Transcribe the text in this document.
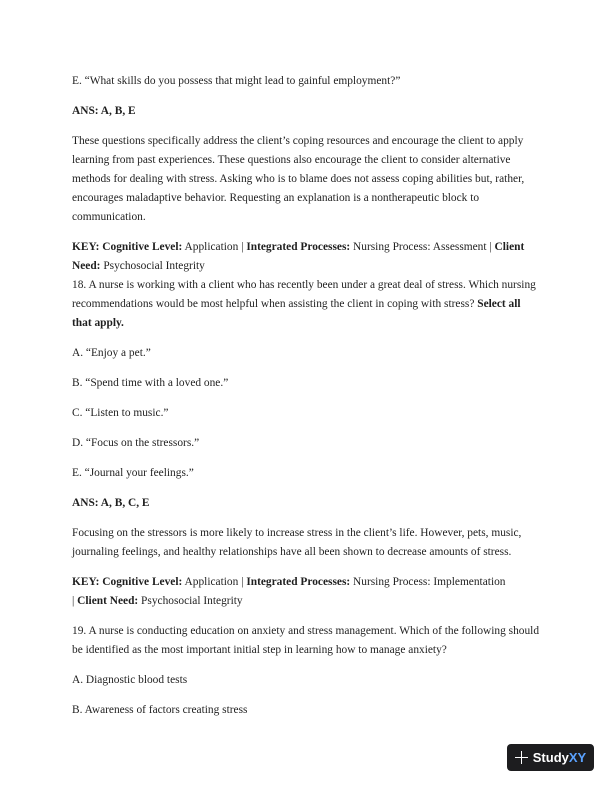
E. “What skills do you possess that might lead to gainful employment?”

ANS: A, B, E

These questions specifically address the client’s coping resources and encourage the client to apply learning from past experiences. These questions also encourage the client to consider alternative methods for dealing with stress. Asking who is to blame does not assess coping abilities but, rather, encourages maladaptive behavior. Requesting an explanation is a nontherapeutic block to communication.

KEY: Cognitive Level: Application | Integrated Processes: Nursing Process: Assessment | Client Need: Psychosocial Integrity

18. A nurse is working with a client who has recently been under a great deal of stress. Which nursing recommendations would be most helpful when assisting the client in coping with stress? Select all that apply.

A. “Enjoy a pet.”

B. “Spend time with a loved one.”

C. “Listen to music.”

D. “Focus on the stressors.”

E. “Journal your feelings.”

ANS: A, B, C, E

Focusing on the stressors is more likely to increase stress in the client’s life. However, pets, music, journaling feelings, and healthy relationships have all been shown to decrease amounts of stress.

KEY: Cognitive Level: Application | Integrated Processes: Nursing Process: Implementation
| Client Need: Psychosocial Integrity

19. A nurse is conducting education on anxiety and stress management. Which of the following should be identified as the most important initial step in learning how to manage anxiety?

A. Diagnostic blood tests

B. Awareness of factors creating stress

StudyXY
